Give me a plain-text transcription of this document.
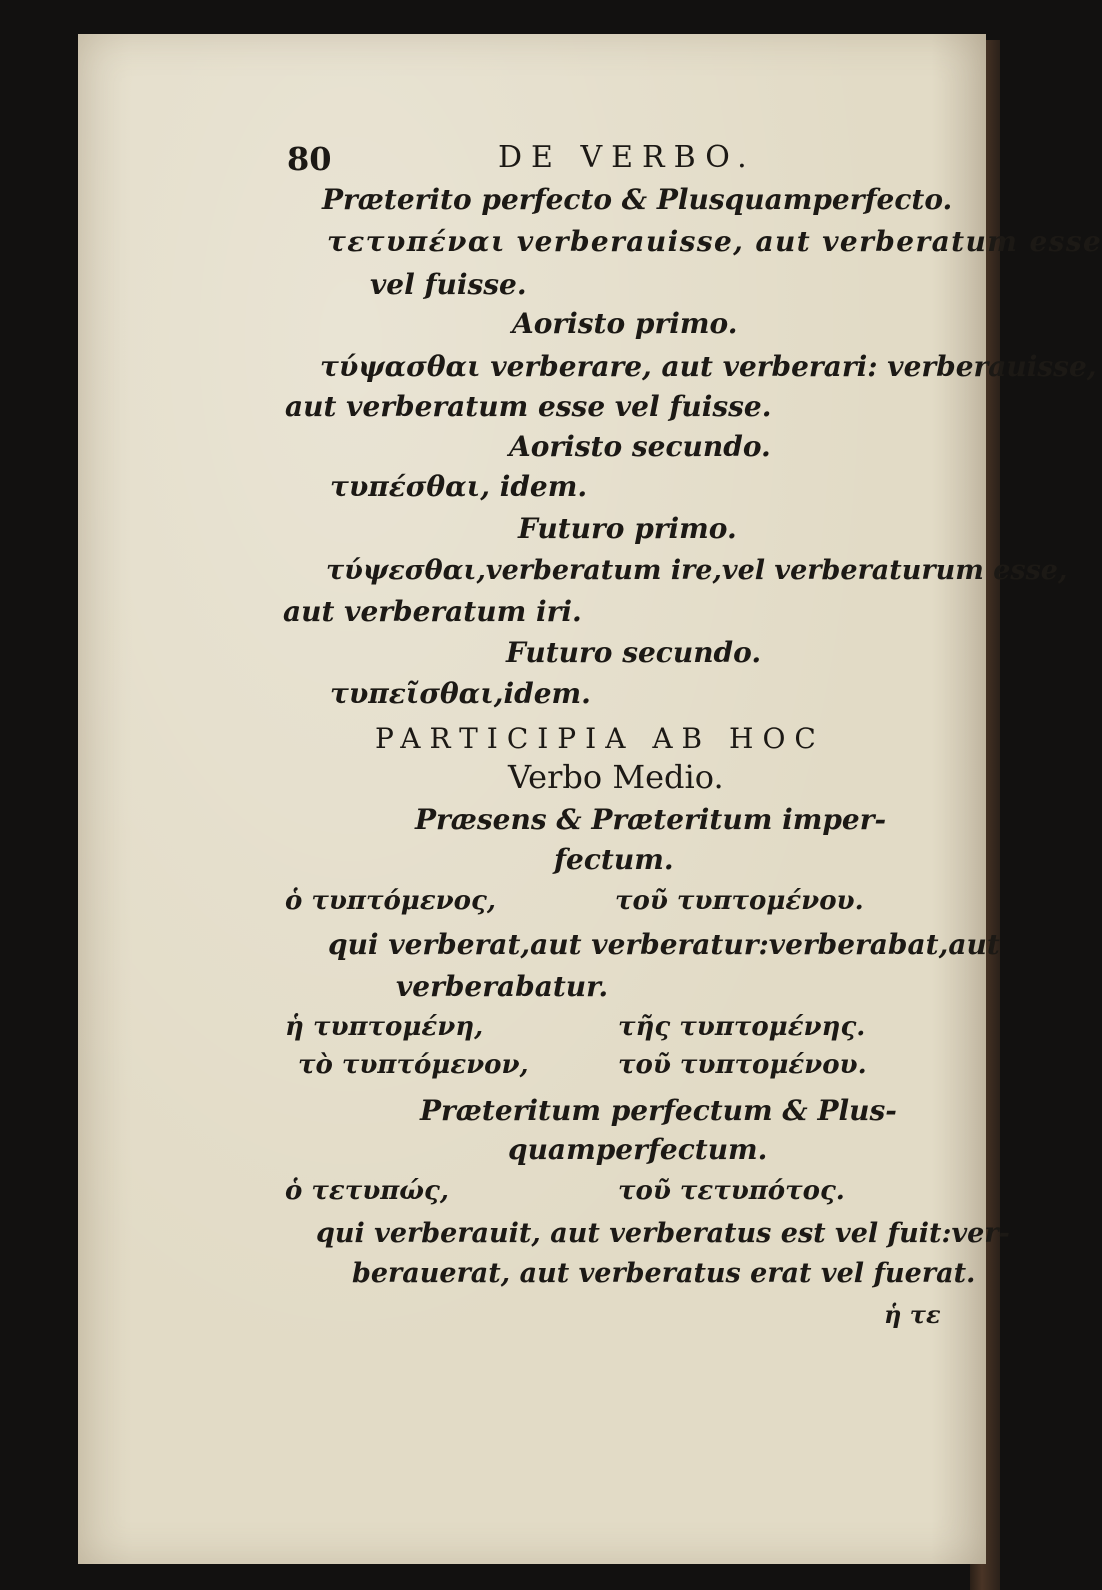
80	DE VERBO.
Præterito perfecto & Plusquamperfecto.
τετυπέναι verberauisse, aut verberatum esse
vel fuisse.
Aoristo primo.
τύψασθαι verberare, aut verberari: verberauisse,
aut verberatum esse vel fuisse.
Aoristo secundo.
τυπέσθαι, idem.
Futuro primo.
τύψεσθαι,verberatum ire,vel verberaturum esse,
aut verberatum iri.
Futuro secundo.
τυπεῖσθαι,idem.
PARTICIPIA AB HOC
Verbo Medio.
Præsens & Præteritum imper-
fectum.
ὁ τυπτόμενος,	τοῦ τυπτομένου.
qui verberat,aut verberatur:verberabat,aut
verberabatur.
ἡ τυπτομένη,	τῆς τυπτομένης.
τὸ τυπτόμενον,	τοῦ τυπτομένου.
Præteritum perfectum & Plus-
quamperfectum.
ὁ τετυπώς,	τοῦ τετυπότος.
qui verberauit, aut verberatus est vel fuit:ver-
berauerat, aut verberatus erat vel fuerat.
ἡ τε
